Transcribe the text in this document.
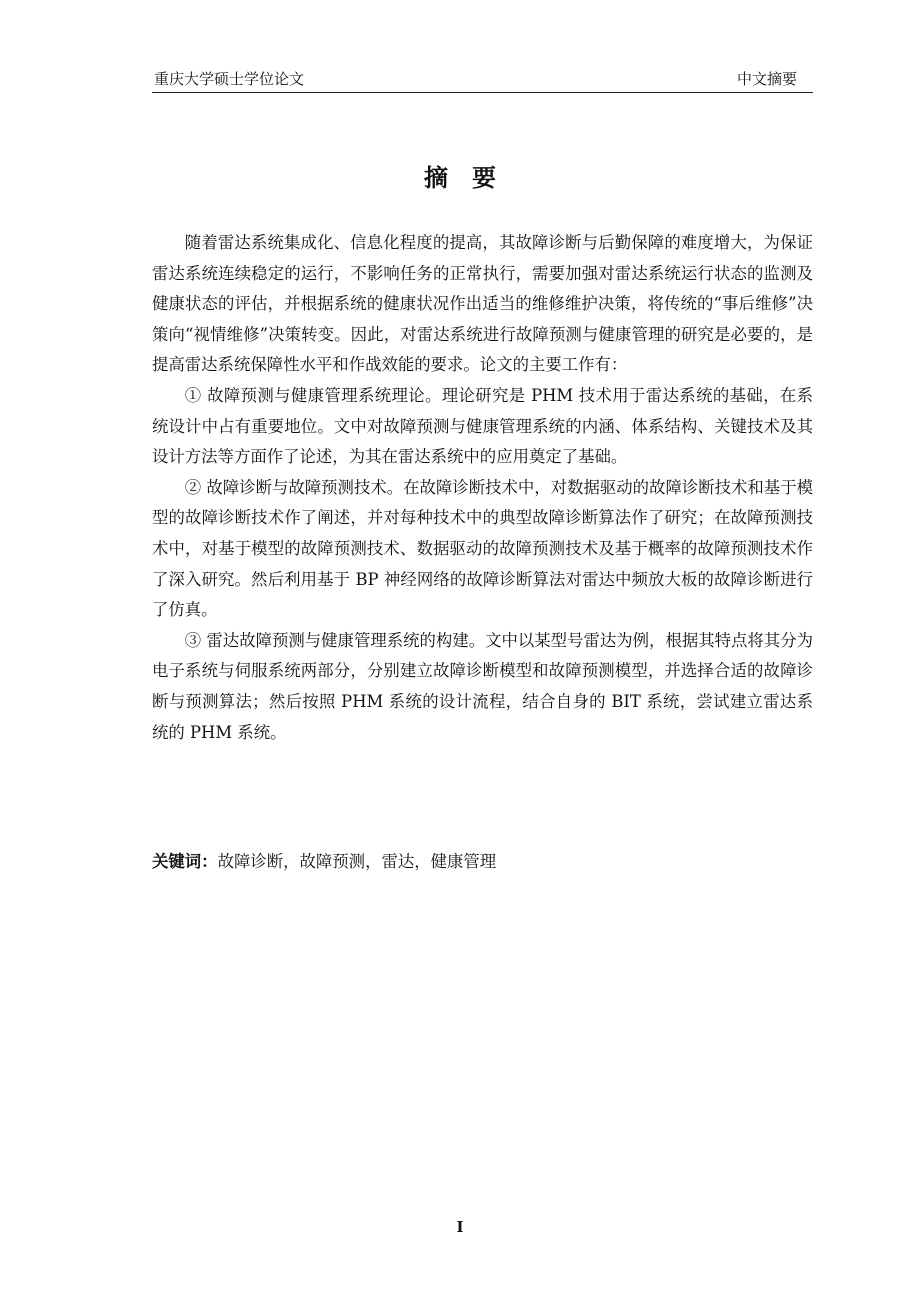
重庆大学硕士学位论文	中文摘要
摘要

随着雷达系统集成化、信息化程度的提高，其故障诊断与后勤保障的难度增大，为保证雷达系统连续稳定的运行，不影响任务的正常执行，需要加强对雷达系统运行状态的监测及健康状态的评估，并根据系统的健康状况作出适当的维修维护决策，将传统的“事后维修”决策向“视情维修”决策转变。因此，对雷达系统进行故障预测与健康管理的研究是必要的，是提高雷达系统保障性水平和作战效能的要求。论文的主要工作有：

① 故障预测与健康管理系统理论。理论研究是 PHM 技术用于雷达系统的基础，在系统设计中占有重要地位。文中对故障预测与健康管理系统的内涵、体系结构、关键技术及其设计方法等方面作了论述，为其在雷达系统中的应用奠定了基础。

② 故障诊断与故障预测技术。在故障诊断技术中，对数据驱动的故障诊断技术和基于模型的故障诊断技术作了阐述，并对每种技术中的典型故障诊断算法作了研究；在故障预测技术中，对基于模型的故障预测技术、数据驱动的故障预测技术及基于概率的故障预测技术作了深入研究。然后利用基于 BP 神经网络的故障诊断算法对雷达中频放大板的故障诊断进行了仿真。

③ 雷达故障预测与健康管理系统的构建。文中以某型号雷达为例，根据其特点将其分为电子系统与伺服系统两部分，分别建立故障诊断模型和故障预测模型，并选择合适的故障诊断与预测算法；然后按照 PHM 系统的设计流程，结合自身的 BIT 系统，尝试建立雷达系统的 PHM 系统。

关键词：故障诊断，故障预测，雷达，健康管理
I
